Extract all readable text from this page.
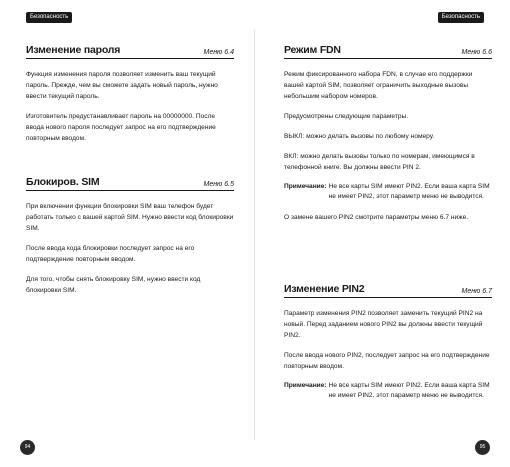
Безопасность
Изменение пароля	Меню 6.4

Функция изменения пароля позволяет изменить ваш текущий пароль. Прежде, чем вы сможете задать новый пароль, нужно ввести текущий пароль.

Изготовитель предустанавливает пароль на 00000000. После ввода нового пароля последует запрос на его подтверждение повторным вводом.

Блокиров. SIM	Меню 6.5

При включении функции блокировки SIM ваш телефон будет работать только с вашей картой SIM. Нужно ввести код блокировки SIM.

После ввода кода блокировки последует запрос на его подтверждение повторным вводом.

Для того, чтобы снять блокировку SIM, нужно ввести код блокировки SIM.

94
Безопасность
Режим FDN	Меню 6.6

Режим фиксированного набора FDN, в случае его поддержки вашей картой SIM, позволяет ограничить выходные вызовы небольшим набором номеров.

Предусмотрены следующие параметры.

ВЫКЛ: можно делать вызовы по любому номеру.

ВКЛ: можно делать вызовы только по номерам, имеющимся в телефонной книге. Вы должны ввести PIN 2.

Примечание: Не все карты SIM имеют PIN2. Если ваша карта SIM не имеет PIN2, этот параметр меню не выводится.

О замене вашего PIN2 смотрите параметры меню 6.7 ниже.

Изменение PIN2	Меню 6.7

Параметр изменения PIN2 позволяет заменить текущий PIN2 на новый. Перед заданием нового PIN2 вы должны ввести текущий PIN2.

После ввода нового PIN2, последует запрос на его подтверждение повторным вводом.

Примечание: Не все карты SIM имеют PIN2. Если ваша карта SIM не имеет PIN2, этот параметр меню не выводится.
95
